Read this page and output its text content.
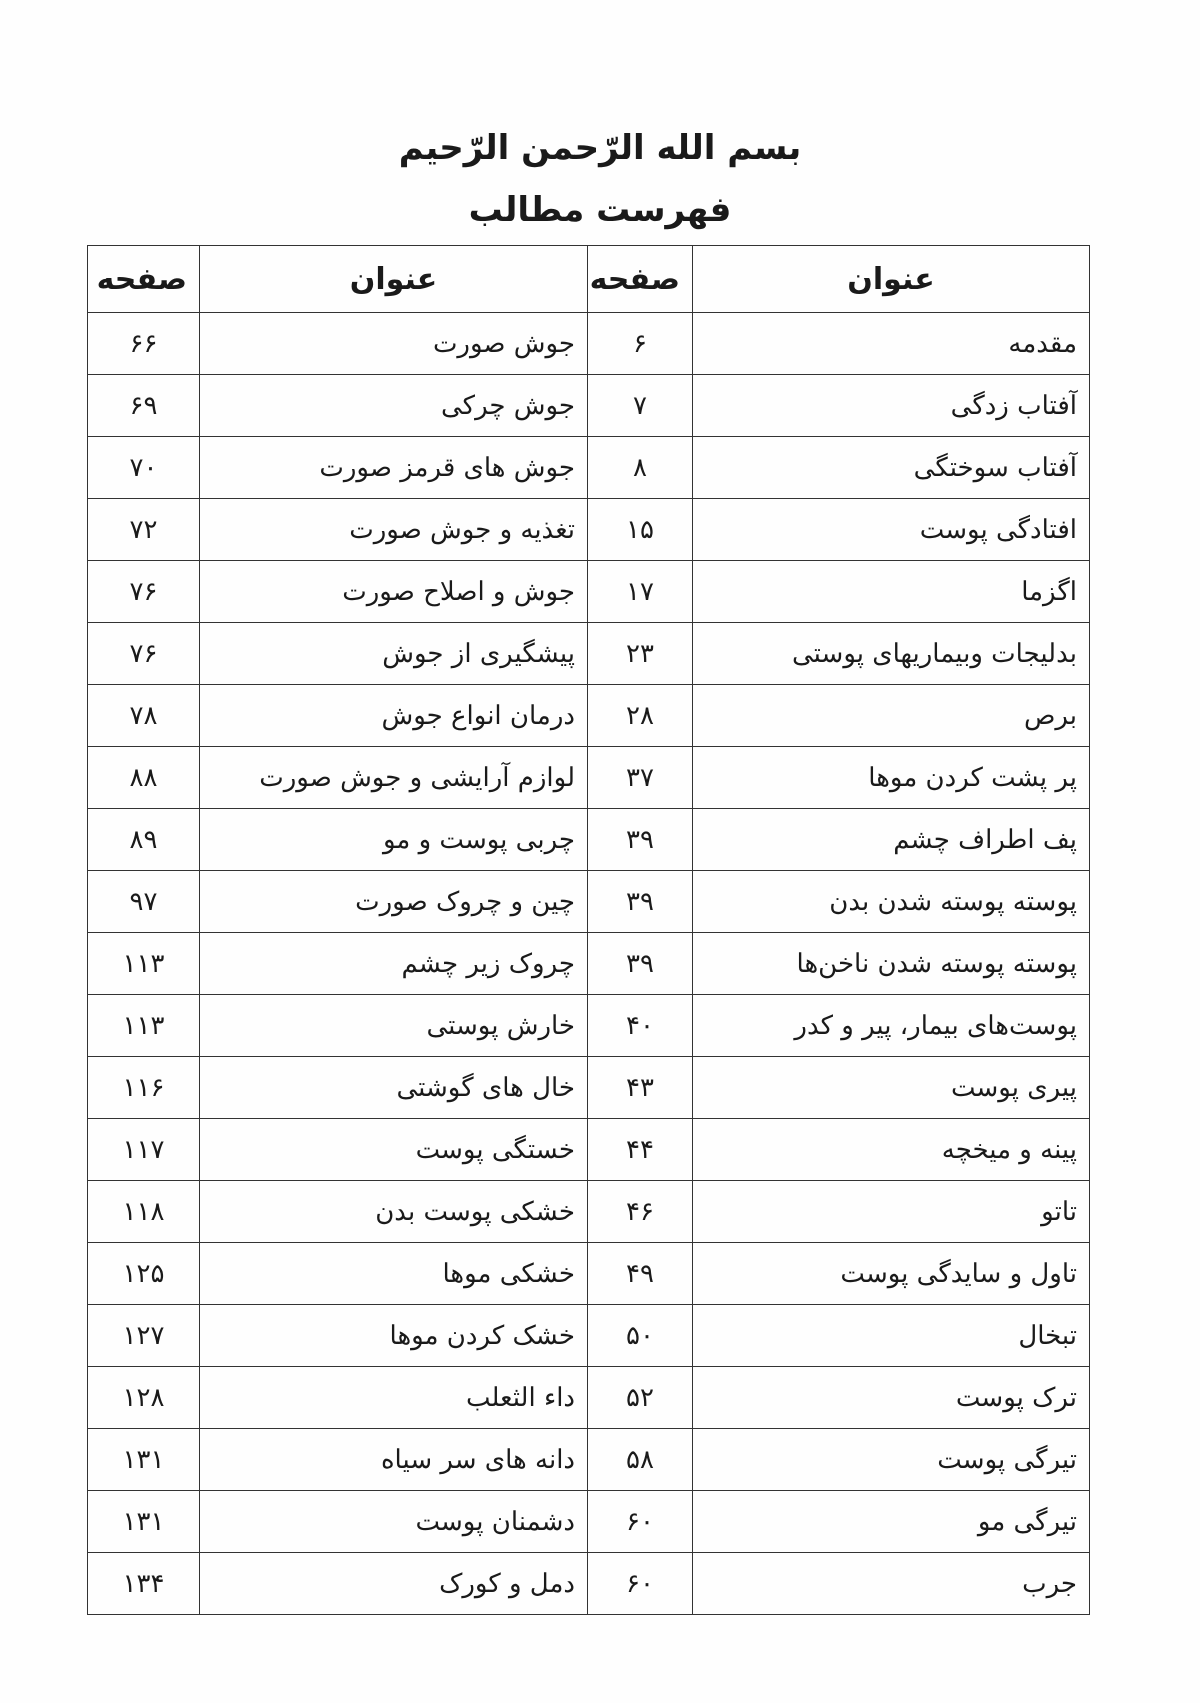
بسم الله الرّحمن الرّحیم
فهرست مطالب
عنوان	صفحه	عنوان	صفحه
مقدمه	۶	جوش صورت	۶۶
آفتاب زدگی	۷	جوش چرکی	۶۹
آفتاب سوختگی	۸	جوش های قرمز صورت	۷۰
افتادگی پوست	۱۵	تغذیه و جوش صورت	۷۲
اگزما	۱۷	جوش و اصلاح صورت	۷۶
بدلیجات وبیماریهای پوستی	۲۳	پیشگیری از جوش	۷۶
برص	۲۸	درمان انواع جوش	۷۸
پر پشت کردن موها	۳۷	لوازم آرایشی و جوش صورت	۸۸
پف اطراف چشم	۳۹	چربی پوست و مو	۸۹
پوسته پوسته شدن بدن	۳۹	چین و چروک صورت	۹۷
پوسته پوسته شدن ناخن‌ها	۳۹	چروک زیر چشم	۱۱۳
پوست‌های بیمار، پیر و کدر	۴۰	خارش پوستی	۱۱۳
پیری پوست	۴۳	خال های گوشتی	۱۱۶
پینه و میخچه	۴۴	خستگی پوست	۱۱۷
تاتو	۴۶	خشکی پوست بدن	۱۱۸
تاول و سایدگی پوست	۴۹	خشکی موها	۱۲۵
تبخال	۵۰	خشک کردن موها	۱۲۷
ترک پوست	۵۲	داء الثعلب	۱۲۸
تیرگی پوست	۵۸	دانه های سر سیاه	۱۳۱
تیرگی مو	۶۰	دشمنان پوست	۱۳۱
جرب	۶۰	دمل و کورک	۱۳۴
